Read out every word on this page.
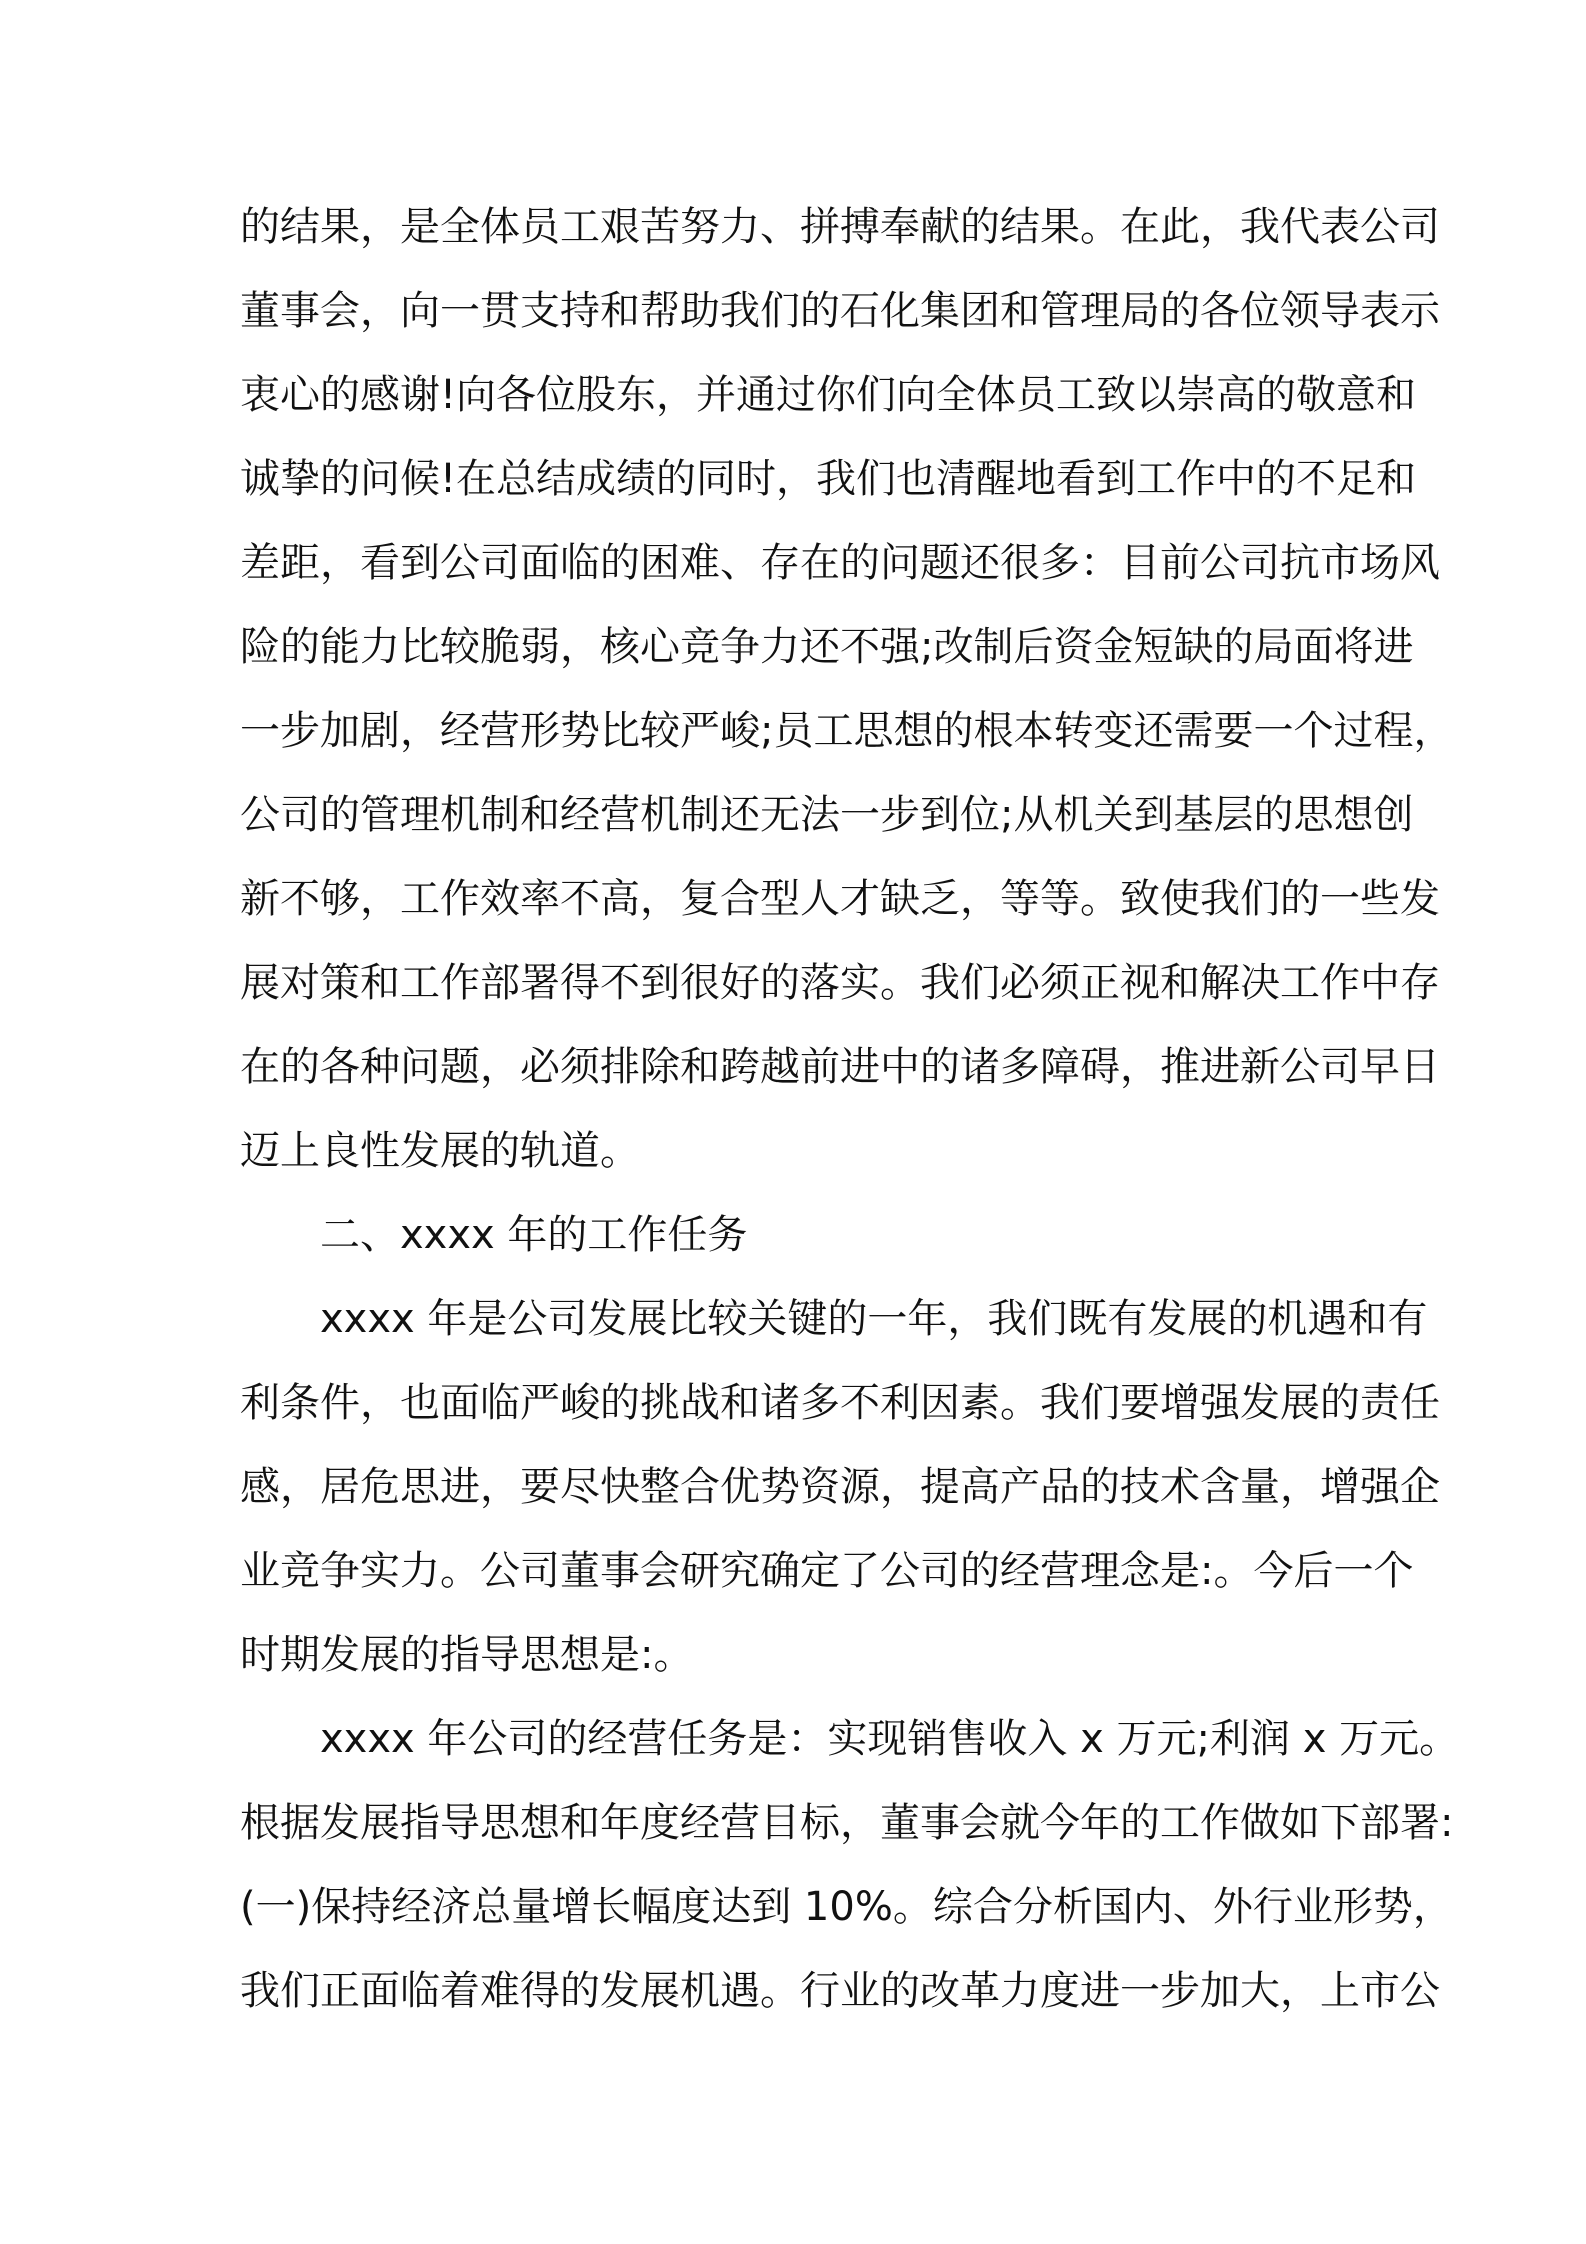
的结果，是全体员工艰苦努力、拼搏奉献的结果。在此，我代表公司
董事会，向一贯支持和帮助我们的石化集团和管理局的各位领导表示
衷心的感谢!向各位股东，并通过你们向全体员工致以崇高的敬意和
诚挚的问候!在总结成绩的同时，我们也清醒地看到工作中的不足和
差距，看到公司面临的困难、存在的问题还很多：目前公司抗市场风
险的能力比较脆弱，核心竞争力还不强;改制后资金短缺的局面将进
一步加剧，经营形势比较严峻;员工思想的根本转变还需要一个过程，
公司的管理机制和经营机制还无法一步到位;从机关到基层的思想创
新不够，工作效率不高，复合型人才缺乏，等等。致使我们的一些发
展对策和工作部署得不到很好的落实。我们必须正视和解决工作中存
在的各种问题，必须排除和跨越前进中的诸多障碍，推进新公司早日
迈上良性发展的轨道。
二、xxxx 年的工作任务
xxxx 年是公司发展比较关键的一年，我们既有发展的机遇和有
利条件，也面临严峻的挑战和诸多不利因素。我们要增强发展的责任
感，居危思进，要尽快整合优势资源，提高产品的技术含量，增强企
业竞争实力。公司董事会研究确定了公司的经营理念是:。今后一个
时期发展的指导思想是:。
xxxx 年公司的经营任务是：实现销售收入 x 万元;利润 x 万元。
根据发展指导思想和年度经营目标，董事会就今年的工作做如下部署:
(一)保持经济总量增长幅度达到 10%。综合分析国内、外行业形势，
我们正面临着难得的发展机遇。行业的改革力度进一步加大，上市公
